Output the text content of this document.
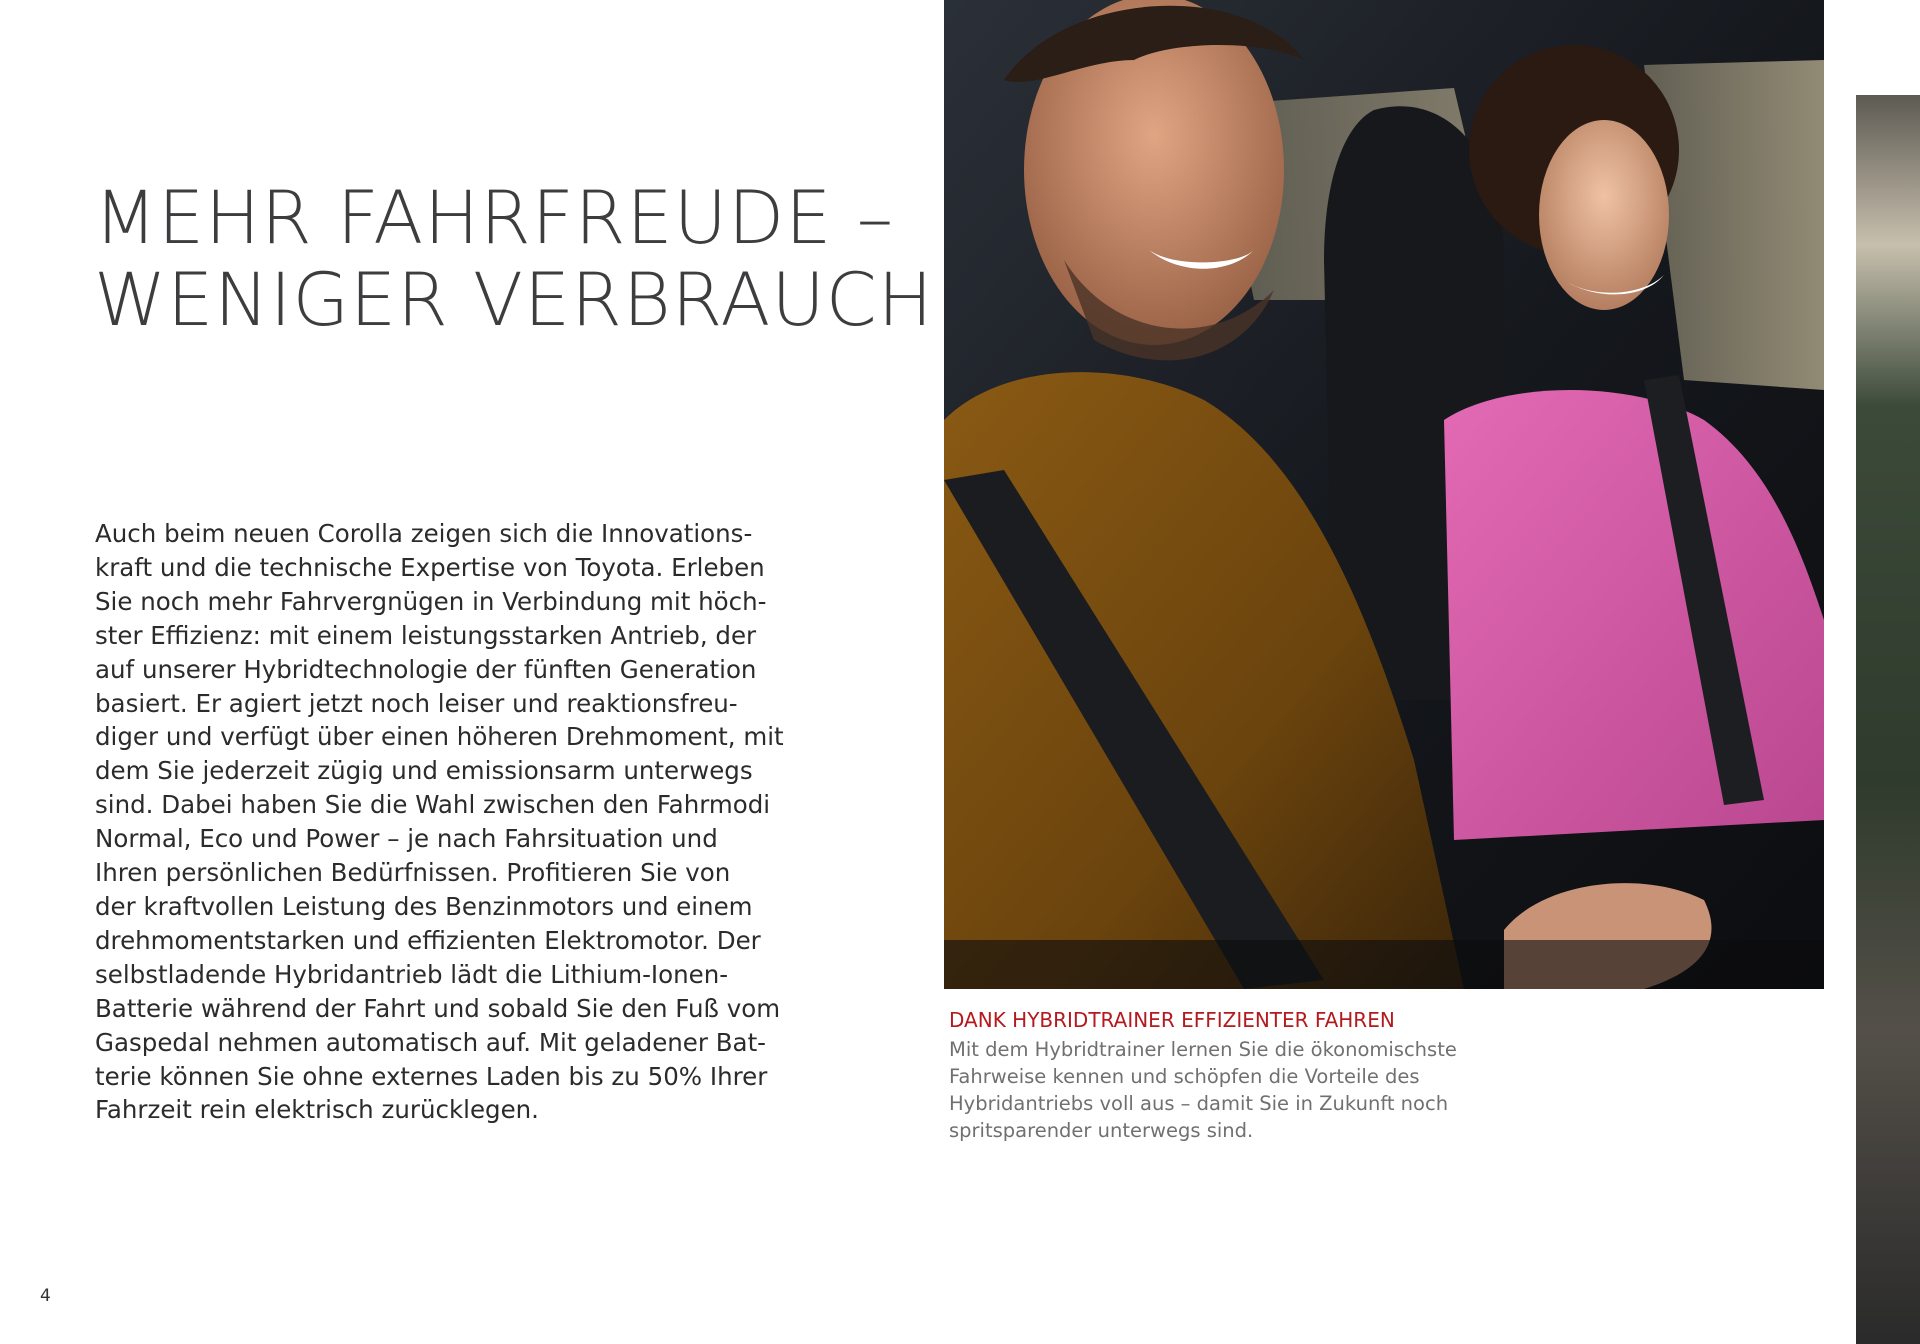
MEHR FAHRFREUDE –
WENIGER VERBRAUCH
Auch beim neuen Corolla zeigen sich die Innovations-
kraft und die technische Expertise von Toyota. Erleben
Sie noch mehr Fahrvergnügen in Verbindung mit höch-
ster Effizienz: mit einem leistungsstarken Antrieb, der
auf unserer Hybridtechnologie der fünften Generation
basiert. Er agiert jetzt noch leiser und reaktionsfreu-
diger und verfügt über einen höheren Drehmoment, mit
dem Sie jederzeit zügig und emissionsarm unterwegs
sind. Dabei haben Sie die Wahl zwischen den Fahrmodi
Normal, Eco und Power – je nach Fahrsituation und
Ihren persönlichen Bedürfnissen. Profitieren Sie von
der kraftvollen Leistung des Benzinmotors und einem
drehmomentstarken und effizienten Elektromotor. Der
selbstladende Hybridantrieb lädt die Lithium-Ionen-
Batterie während der Fahrt und sobald Sie den Fuß vom
Gaspedal nehmen automatisch auf. Mit geladener Bat-
terie können Sie ohne externes Laden bis zu 50% Ihrer
Fahrzeit rein elektrisch zurücklegen.
DANK HYBRIDTRAINER EFFIZIENTER FAHREN
Mit dem Hybridtrainer lernen Sie die ökonomischste
Fahrweise kennen und schöpfen die Vorteile des
Hybridantriebs voll aus – damit Sie in Zukunft noch
spritsparender unterwegs sind.
4
